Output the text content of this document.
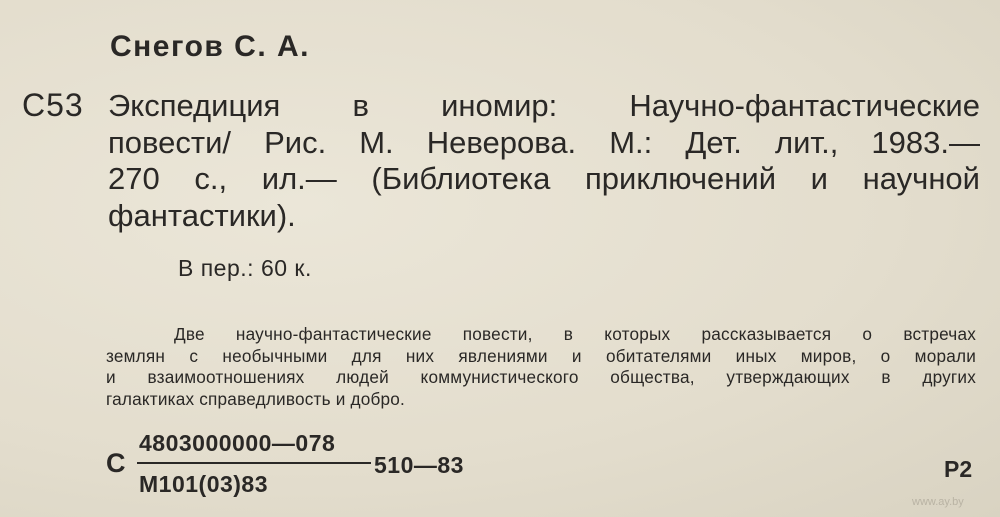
Снегов С. А.
С53 Экспедиция в иномир: Научно-фантастические
повести/ Рис. М. Неверова. М.: Дет. лит., 1983.—
270 с., ил.— (Библиотека приключений и научной
фантастики).
В пер.: 60 к.
Две научно-фантастические повести, в которых рассказывается о встречах
землян с необычными для них явлениями и обитателями иных миров, о морали
и взаимоотношениях людей коммунистического общества, утверждающих в других
галактиках справедливость и добро.
С
4803000000—078
М101(03)83
510—83	Р2
www.ay.by
